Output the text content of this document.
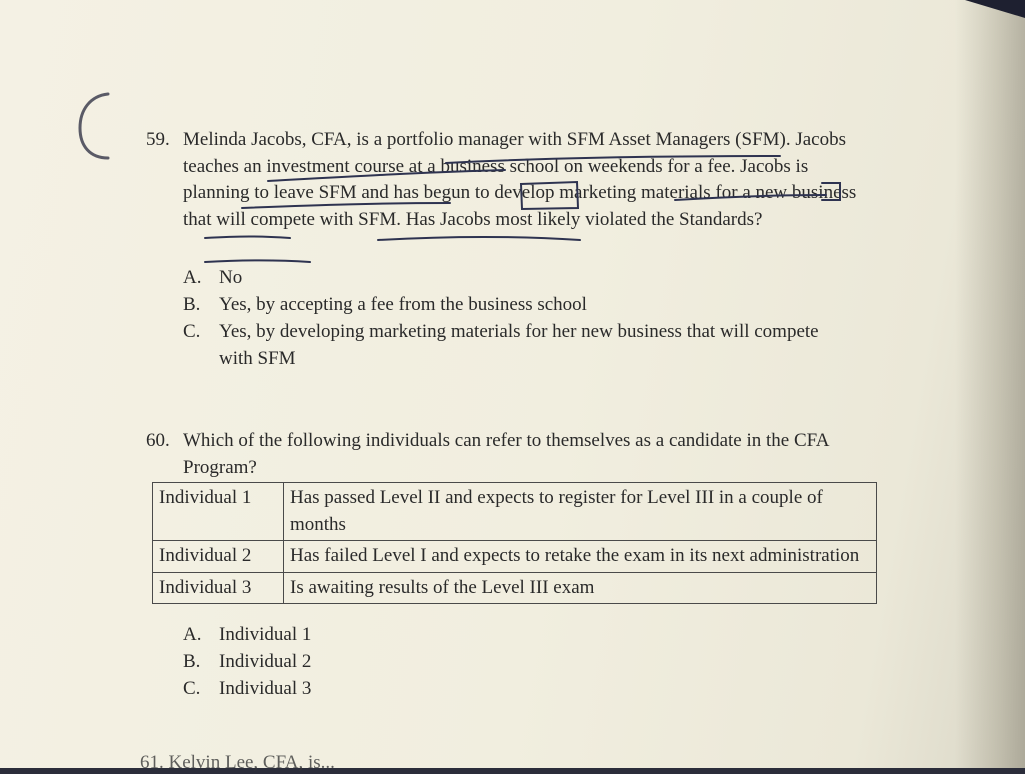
59. Melinda Jacobs, CFA, is a portfolio manager with SFM Asset Managers (SFM). Jacobs teaches an investment course at a business school on weekends for a fee. Jacobs is planning to leave SFM and has begun to develop marketing materials for a new business that will compete with SFM. Has Jacobs most likely violated the Standards?
A. No
B. Yes, by accepting a fee from the business school
C. Yes, by developing marketing materials for her new business that will compete with SFM
60. Which of the following individuals can refer to themselves as a candidate in the CFA Program?
Individual 1	Has passed Level II and expects to register for Level III in a couple of months
Individual 2	Has failed Level I and expects to retake the exam in its next administration
Individual 3	Is awaiting results of the Level III exam
A. Individual 1
B. Individual 2
C. Individual 3
61. Kelvin Lee, CFA, is...
